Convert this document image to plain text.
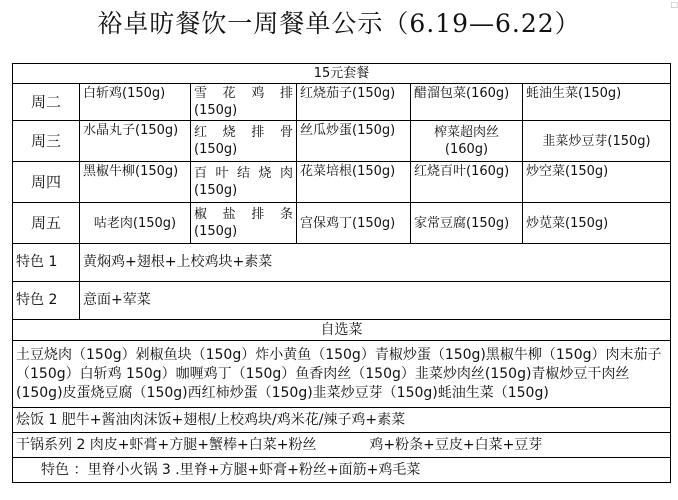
裕卓昉餐饮一周餐单公示（6.19—6.22）
□
15元套餐					
周二	白斩鸡(150g)	雪 花 鸡 排(150g)	红烧茄子(150g)	醋溜包菜(160g)	蚝油生菜(150g)
周三	水晶丸子(150g)	红 烧 排 骨(150g)	丝瓜炒蛋(150g)	榨菜超肉丝(160g)	韭菜炒豆芽(150g)
周四	黑椒牛柳(150g)	百 叶 结 烧 肉(150g)	花菜培根(150g)	红烧百叶(160g)	炒空菜(150g)
周五	咕老肉(150g)	椒 盐 排 条(150g)	宫保鸡丁(150g)	家常豆腐(150g)	炒苋菜(150g)
特色 1	黄焖鸡+翅根+上校鸡块+素菜				
特色 2	意面+荤菜				
自选菜					
土豆烧肉（150g）剁椒鱼块（150g）炸小黄鱼（150g）青椒炒蛋（150g)黑椒牛柳（150g）肉末茄子（150g）白斩鸡 150g）咖喱鸡丁（150g）鱼香肉丝（150g）韭菜炒肉丝(150g)青椒炒豆干肉丝(150g)皮蛋烧豆腐（150g)西红柿炒蛋（150g)韭菜炒豆芽（150g)蚝油生菜（150g)					
烩饭 1 肥牛+酱油肉沫饭+翅根/上校鸡块/鸡米花/辣子鸡+素菜					
干锅系列 2 肉皮+虾膏+方腿+蟹棒+白菜+粉丝 鸡+粉条+豆皮+白菜+豆芽					
特色 ：里脊小火锅 3 .里脊+方腿+虾膏+粉丝+面筋+鸡毛菜					
